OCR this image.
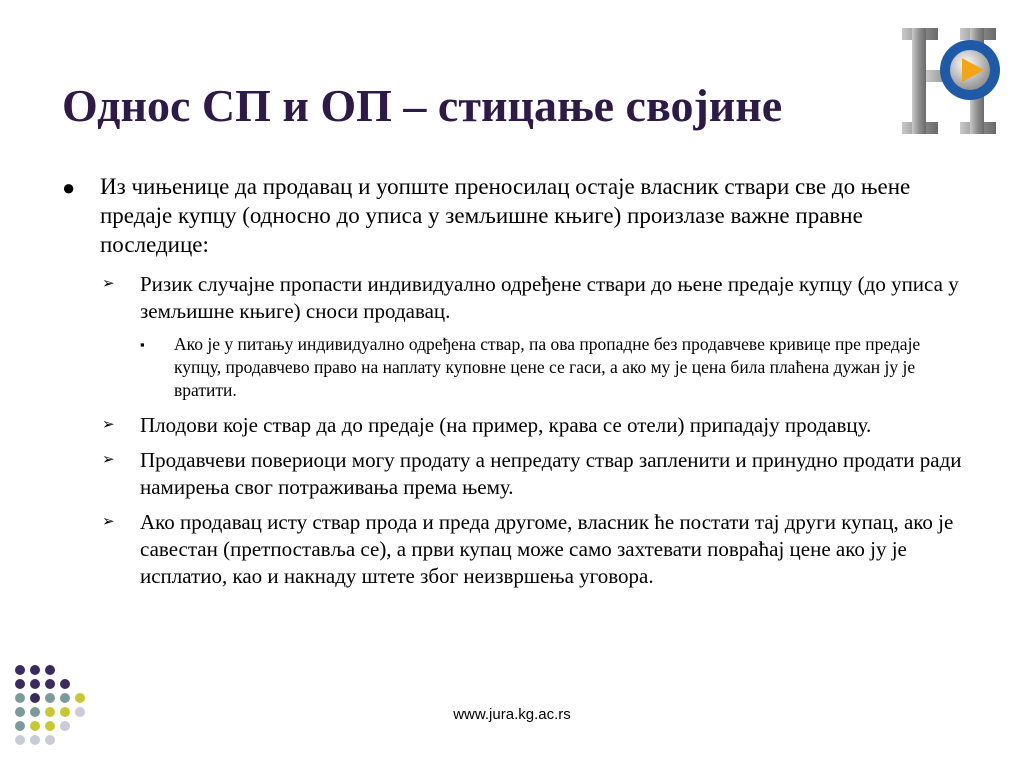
Однос СП и ОП – стицање својине
● Из чињенице да продавац и уопште преносилац остаје власник ствари све до њене предаје купцу (односно до уписа у земљишне књиге) произлазе важне правне последице:
➢ Ризик случајне пропасти индивидуално одређене ствари до њене предаје купцу (до уписа у земљишне књиге) сноси продавац.
▪ Ако је у питању индивидуално одређена ствар, па ова пропадне без продавчеве кривице пре предаје купцу, продавчево право на наплату куповне цене се гаси, а ако му је цена била плаћена дужан ју је вратити.
➢ Плодови које ствар да до предаје (на пример, крава се отели) припадају продавцу.
➢ Продавчеви повериоци могу продату а непредату ствар запленити и принудно продати ради намирења свог потраживања према њему.
➢ Ако продавац исту ствар прода и преда другоме, власник ће постати тај други купац, ако је савестан (претпоставља се), а први купац може само захтевати повраћај цене ако ју је исплатио, као и накнаду штете због неизвршења уговора.
www.jura.kg.ac.rs
